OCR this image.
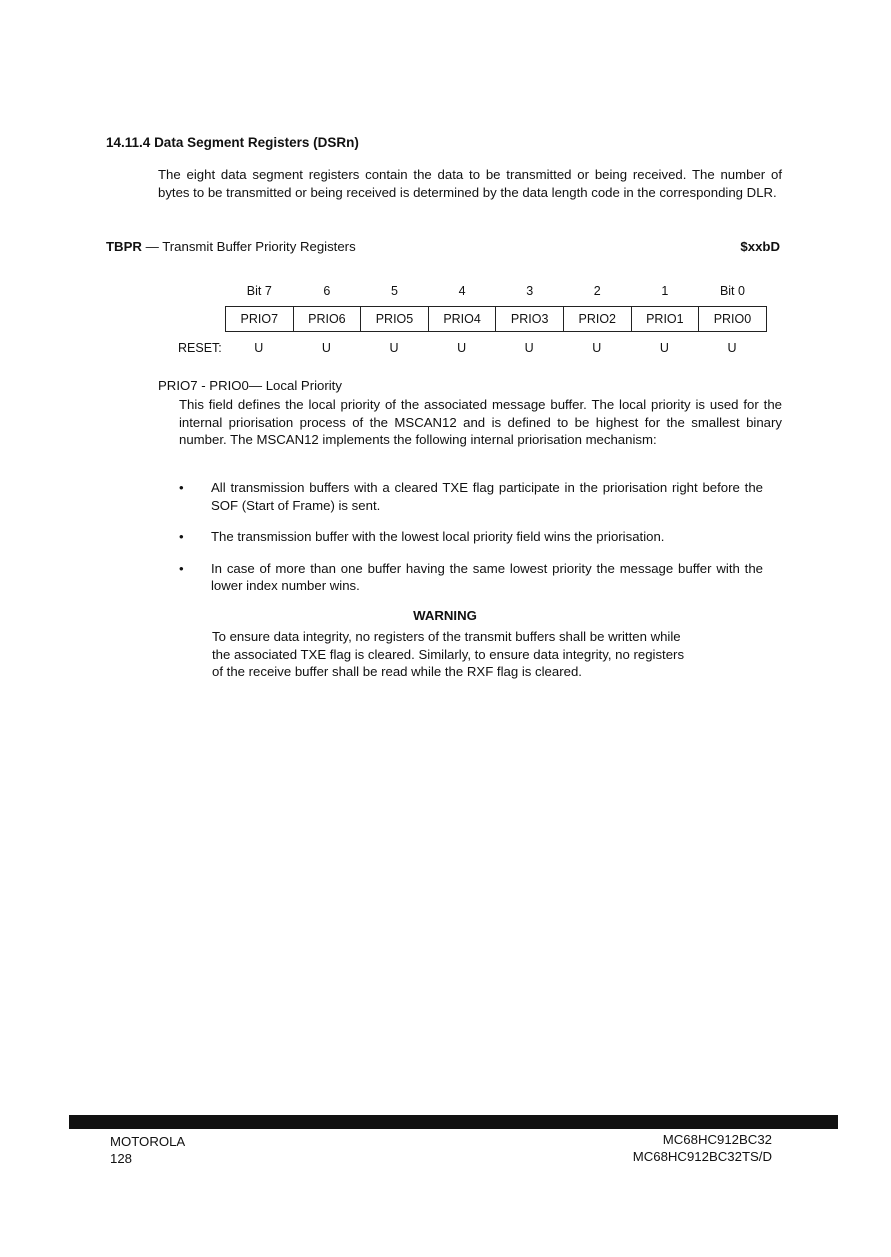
14.11.4 Data Segment Registers (DSRn)
The eight data segment registers contain the data to be transmitted or being received. The number of bytes to be transmitted or being received is determined by the data length code in the corresponding DLR.
TBPR — Transmit Buffer Priority Registers	$xxbD
Bit 7	6	5	4	3	2	1	Bit 0
PRIO7	PRIO6	PRIO5	PRIO4	PRIO3	PRIO2	PRIO1	PRIO0
RESET:	U	U	U	U	U	U	U	U
PRIO7 - PRIO0— Local Priority
This field defines the local priority of the associated message buffer. The local priority is used for the internal priorisation process of the MSCAN12 and is defined to be highest for the smallest binary number. The MSCAN12 implements the following internal priorisation mechanism:
• All transmission buffers with a cleared TXE flag participate in the priorisation right before the SOF (Start of Frame) is sent.
• The transmission buffer with the lowest local priority field wins the priorisation.
• In case of more than one buffer having the same lowest priority the message buffer with the lower index number wins.
WARNING
To ensure data integrity, no registers of the transmit buffers shall be written while
the associated TXE flag is cleared. Similarly, to ensure data integrity, no registers
of the receive buffer shall be read while the RXF flag is cleared.
MOTOROLA
128
MC68HC912BC32
MC68HC912BC32TS/D
